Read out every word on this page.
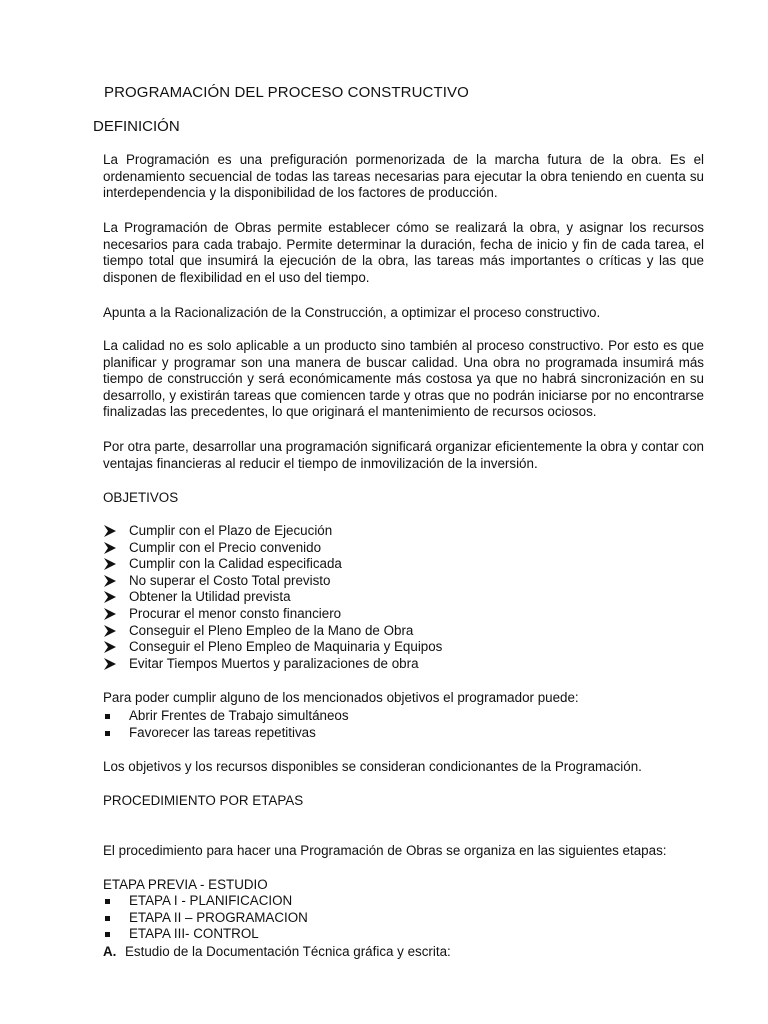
PROGRAMACIÓN DEL PROCESO CONSTRUCTIVO
DEFINICIÓN

La Programación es una prefiguración pormenorizada de la marcha futura de la obra. Es el ordenamiento secuencial de todas las tareas necesarias para ejecutar la obra teniendo en cuenta su interdependencia y la disponibilidad de los factores de producción.

La Programación de Obras permite establecer cómo se realizará la obra, y asignar los recursos necesarios para cada trabajo. Permite determinar la duración, fecha de inicio y fin de cada tarea, el tiempo total que insumirá la ejecución de la obra, las tareas más importantes o críticas y las que disponen de flexibilidad en el uso del tiempo.

Apunta a la Racionalización de la Construcción, a optimizar el proceso constructivo.

La calidad no es solo aplicable a un producto sino también al proceso constructivo. Por esto es que planificar y programar son una manera de buscar calidad. Una obra no programada insumirá más tiempo de construcción y será económicamente más costosa ya que no habrá sincronización en su desarrollo, y existirán tareas que comiencen tarde y otras que no podrán iniciarse por no encontrarse finalizadas las precedentes, lo que originará el mantenimiento de recursos ociosos.

Por otra parte, desarrollar una programación significará organizar eficientemente la obra y contar con ventajas financieras al reducir el tiempo de inmovilización de la inversión.

OBJETIVOS
Cumplir con el Plazo de Ejecución
Cumplir con el Precio convenido
Cumplir con la Calidad especificada
No superar el Costo Total previsto
Obtener la Utilidad prevista
Procurar el menor consto financiero
Conseguir el Pleno Empleo de la Mano de Obra
Conseguir el Pleno Empleo de Maquinaria y Equipos
Evitar Tiempos Muertos y paralizaciones de obra

Para poder cumplir alguno de los mencionados objetivos el programador puede:

Abrir Frentes de Trabajo simultáneos
Favorecer las tareas repetitivas

Los objetivos y los recursos disponibles se consideran condicionantes de la Programación.

PROCEDIMIENTO POR ETAPAS

El procedimiento para hacer una Programación de Obras se organiza en las siguientes etapas:

ETAPA PREVIA - ESTUDIO

ETAPA I - PLANIFICACION
ETAPA II – PROGRAMACION
ETAPA III- CONTROL

A. Estudio de la Documentación Técnica gráfica y escrita:
